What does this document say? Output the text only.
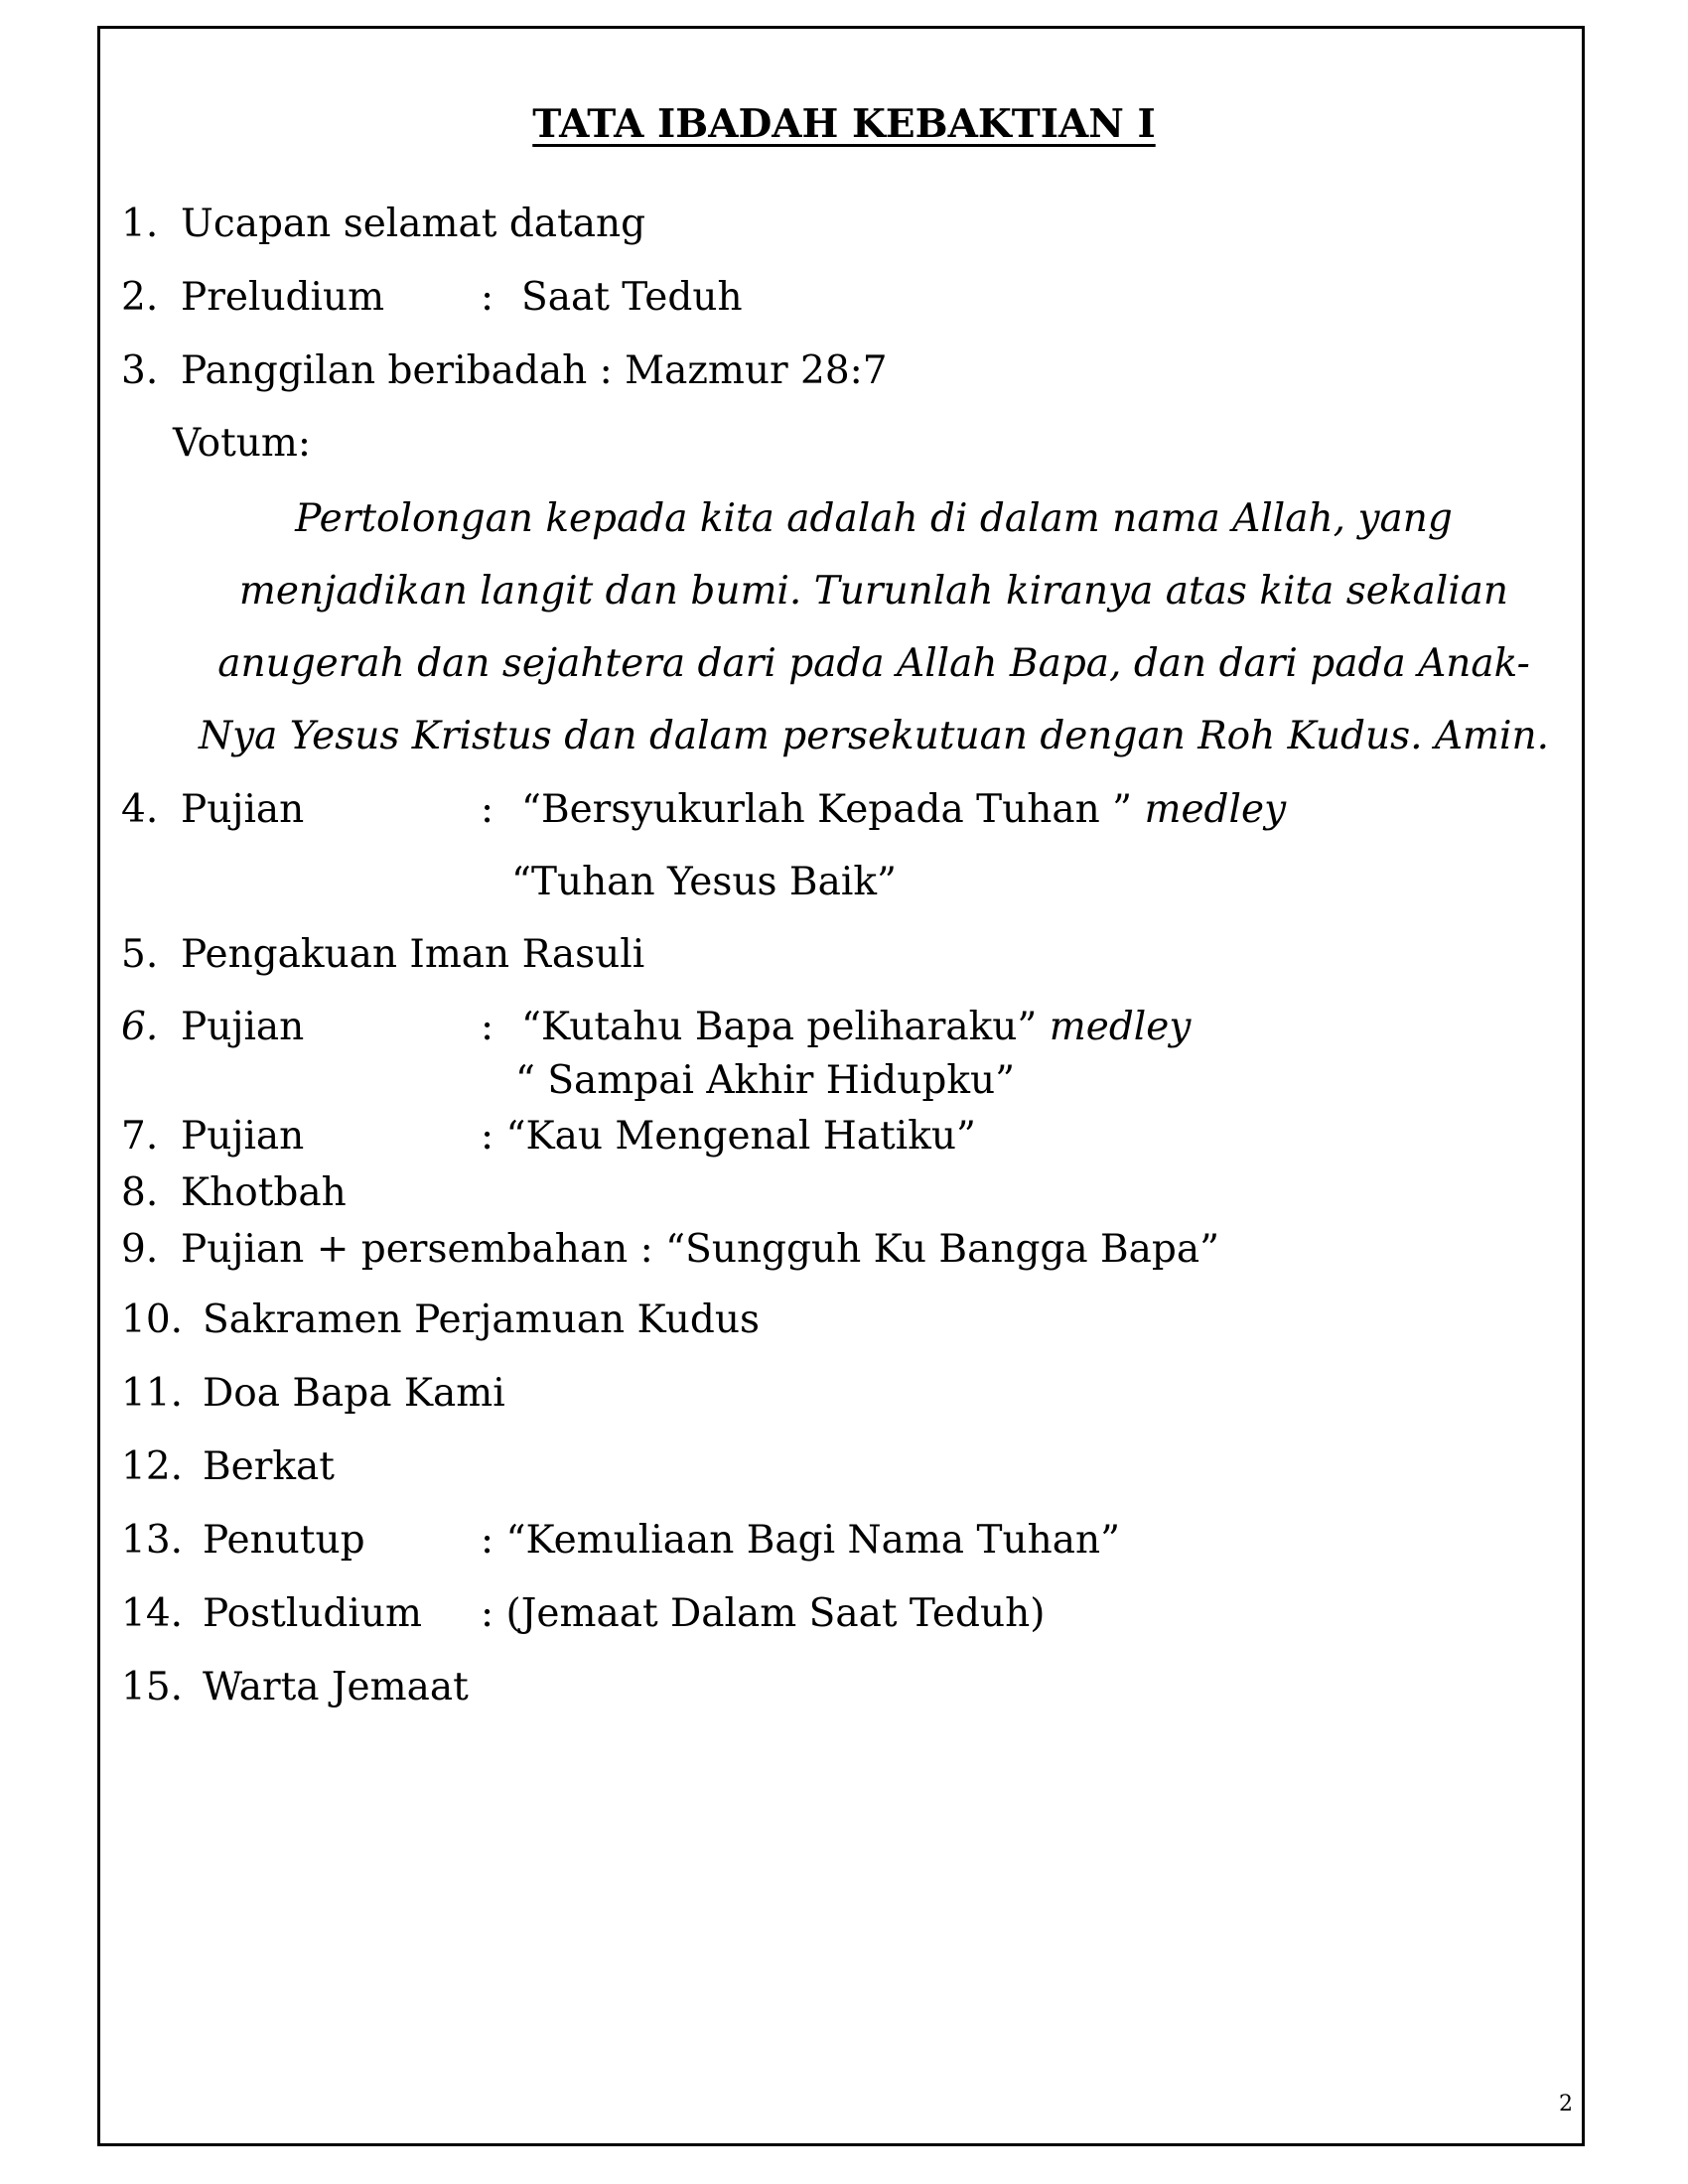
TATA IBADAH KEBAKTIAN I
1. Ucapan selamat datang
2. Preludium : Saat Teduh
3. Panggilan beribadah : Mazmur 28:7
Votum:
Pertolongan kepada kita adalah di dalam nama Allah, yang
menjadikan langit dan bumi. Turunlah kiranya atas kita sekalian
anugerah dan sejahtera dari pada Allah Bapa, dan dari pada Anak-
Nya Yesus Kristus dan dalam persekutuan dengan Roh Kudus. Amin.
4. Pujian	: “Bersyukurlah Kepada Tuhan ” medley
“Tuhan Yesus Baik”
5. Pengakuan Iman Rasuli
6. Pujian	: “Kutahu Bapa peliharaku” medley
“ Sampai Akhir Hidupku”
7. Pujian	: “Kau Mengenal Hatiku”
8. Khotbah
9. Pujian + persembahan : “Sungguh Ku Bangga Bapa”
10. Sakramen Perjamuan Kudus
11. Doa Bapa Kami
12. Berkat
13. Penutup	: “Kemuliaan Bagi Nama Tuhan”
14. Postludium : (Jemaat Dalam Saat Teduh)
15. Warta Jemaat
2
